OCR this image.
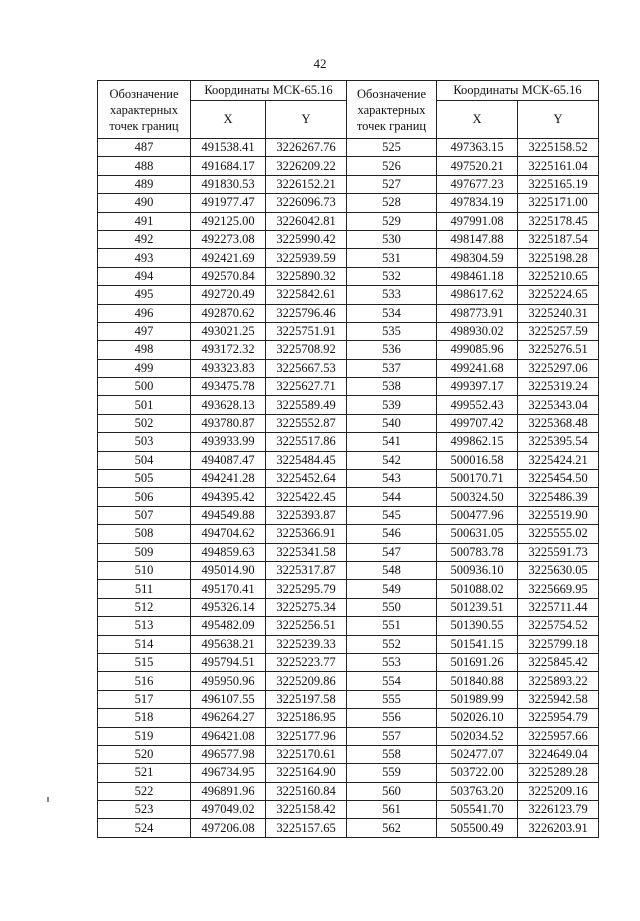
42
Обозначение характерных точек границ	Координаты МСК-65.16		Обозначение характерных точек границ	Координаты МСК-65.16	
	X	Y		X	Y
487	491538.41	3226267.76	525	497363.15	3225158.52
488	491684.17	3226209.22	526	497520.21	3225161.04
489	491830.53	3226152.21	527	497677.23	3225165.19
490	491977.47	3226096.73	528	497834.19	3225171.00
491	492125.00	3226042.81	529	497991.08	3225178.45
492	492273.08	3225990.42	530	498147.88	3225187.54
493	492421.69	3225939.59	531	498304.59	3225198.28
494	492570.84	3225890.32	532	498461.18	3225210.65
495	492720.49	3225842.61	533	498617.62	3225224.65
496	492870.62	3225796.46	534	498773.91	3225240.31
497	493021.25	3225751.91	535	498930.02	3225257.59
498	493172.32	3225708.92	536	499085.96	3225276.51
499	493323.83	3225667.53	537	499241.68	3225297.06
500	493475.78	3225627.71	538	499397.17	3225319.24
501	493628.13	3225589.49	539	499552.43	3225343.04
502	493780.87	3225552.87	540	499707.42	3225368.48
503	493933.99	3225517.86	541	499862.15	3225395.54
504	494087.47	3225484.45	542	500016.58	3225424.21
505	494241.28	3225452.64	543	500170.71	3225454.50
506	494395.42	3225422.45	544	500324.50	3225486.39
507	494549.88	3225393.87	545	500477.96	3225519.90
508	494704.62	3225366.91	546	500631.05	3225555.02
509	494859.63	3225341.58	547	500783.78	3225591.73
510	495014.90	3225317.87	548	500936.10	3225630.05
511	495170.41	3225295.79	549	501088.02	3225669.95
512	495326.14	3225275.34	550	501239.51	3225711.44
513	495482.09	3225256.51	551	501390.55	3225754.52
514	495638.21	3225239.33	552	501541.15	3225799.18
515	495794.51	3225223.77	553	501691.26	3225845.42
516	495950.96	3225209.86	554	501840.88	3225893.22
517	496107.55	3225197.58	555	501989.99	3225942.58
518	496264.27	3225186.95	556	502026.10	3225954.79
519	496421.08	3225177.96	557	502034.52	3225957.66
520	496577.98	3225170.61	558	502477.07	3224649.04
521	496734.95	3225164.90	559	503722.00	3225289.28
522	496891.96	3225160.84	560	503763.20	3225209.16
523	497049.02	3225158.42	561	505541.70	3226123.79
524	497206.08	3225157.65	562	505500.49	3226203.91
